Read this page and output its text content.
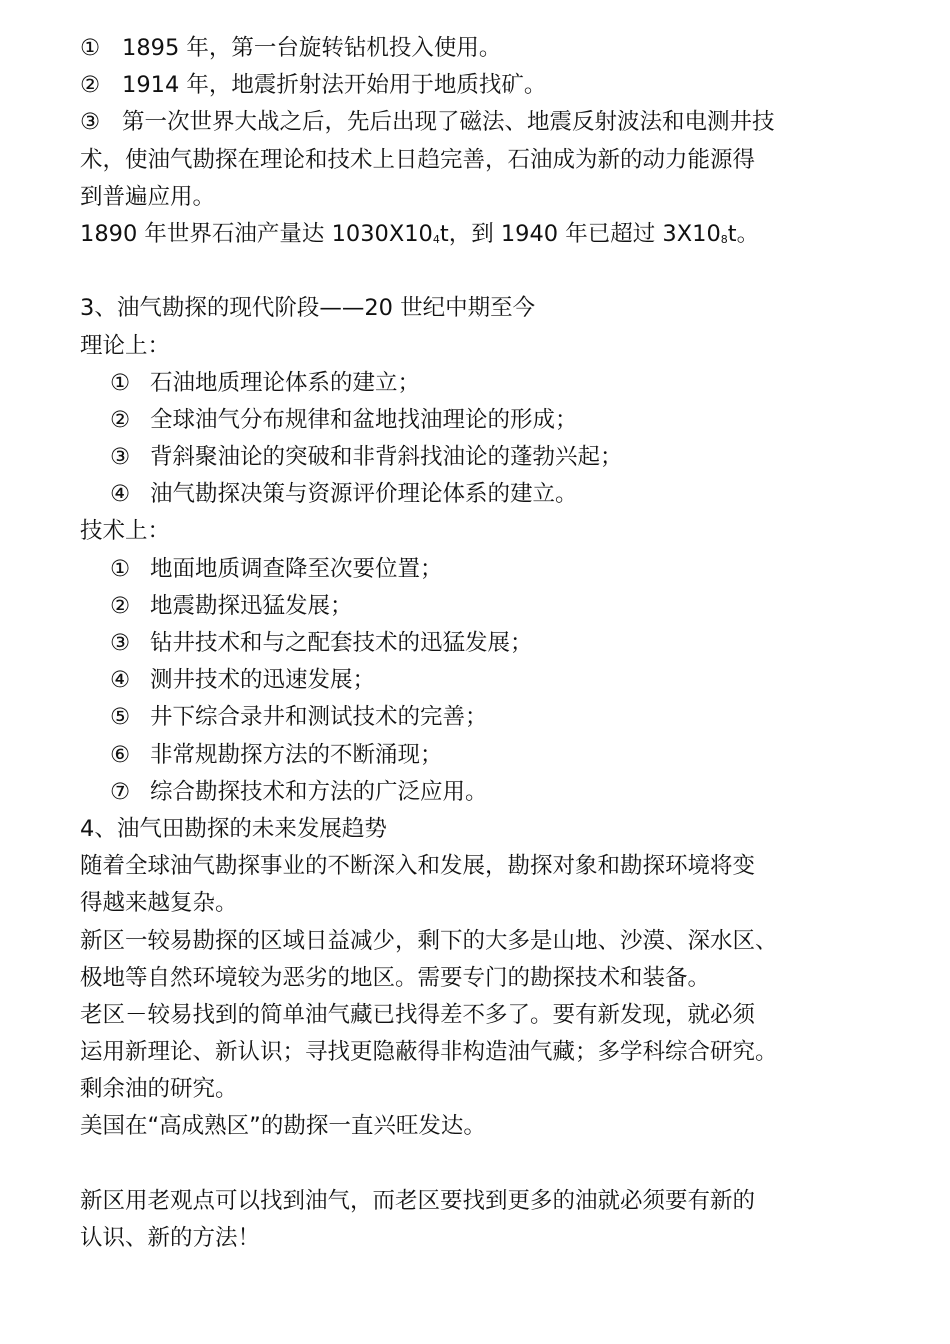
① 1895 年，第一台旋转钻机投入使用。
② 1914 年，地震折射法开始用于地质找矿。
③ 第一次世界大战之后，先后出现了磁法、地震反射波法和电测井技
术，使油气勘探在理论和技术上日趋完善，石油成为新的动力能源得
到普遍应用。
1890 年世界石油产量达 1030X104t，到 1940 年已超过 3X108t。
3、油气勘探的现代阶段——20 世纪中期至今
理论上：
① 石油地质理论体系的建立；
② 全球油气分布规律和盆地找油理论的形成；
③ 背斜聚油论的突破和非背斜找油论的蓬勃兴起；
④ 油气勘探决策与资源评价理论体系的建立。
技术上：
① 地面地质调查降至次要位置；
② 地震勘探迅猛发展；
③ 钻井技术和与之配套技术的迅猛发展；
④ 测井技术的迅速发展；
⑤ 井下综合录井和测试技术的完善；
⑥ 非常规勘探方法的不断涌现；
⑦ 综合勘探技术和方法的广泛应用。
4、油气田勘探的未来发展趋势
随着全球油气勘探事业的不断深入和发展，勘探对象和勘探环境将变
得越来越复杂。
新区一较易勘探的区域日益减少，剩下的大多是山地、沙漠、深水区、
极地等自然环境较为恶劣的地区。需要专门的勘探技术和装备。
老区－较易找到的简单油气藏已找得差不多了。要有新发现，就必须
运用新理论、新认识；寻找更隐蔽得非构造油气藏；多学科综合研究。
剩余油的研究。
美国在“高成熟区”的勘探一直兴旺发达。
新区用老观点可以找到油气，而老区要找到更多的油就必须要有新的
认识、新的方法！
